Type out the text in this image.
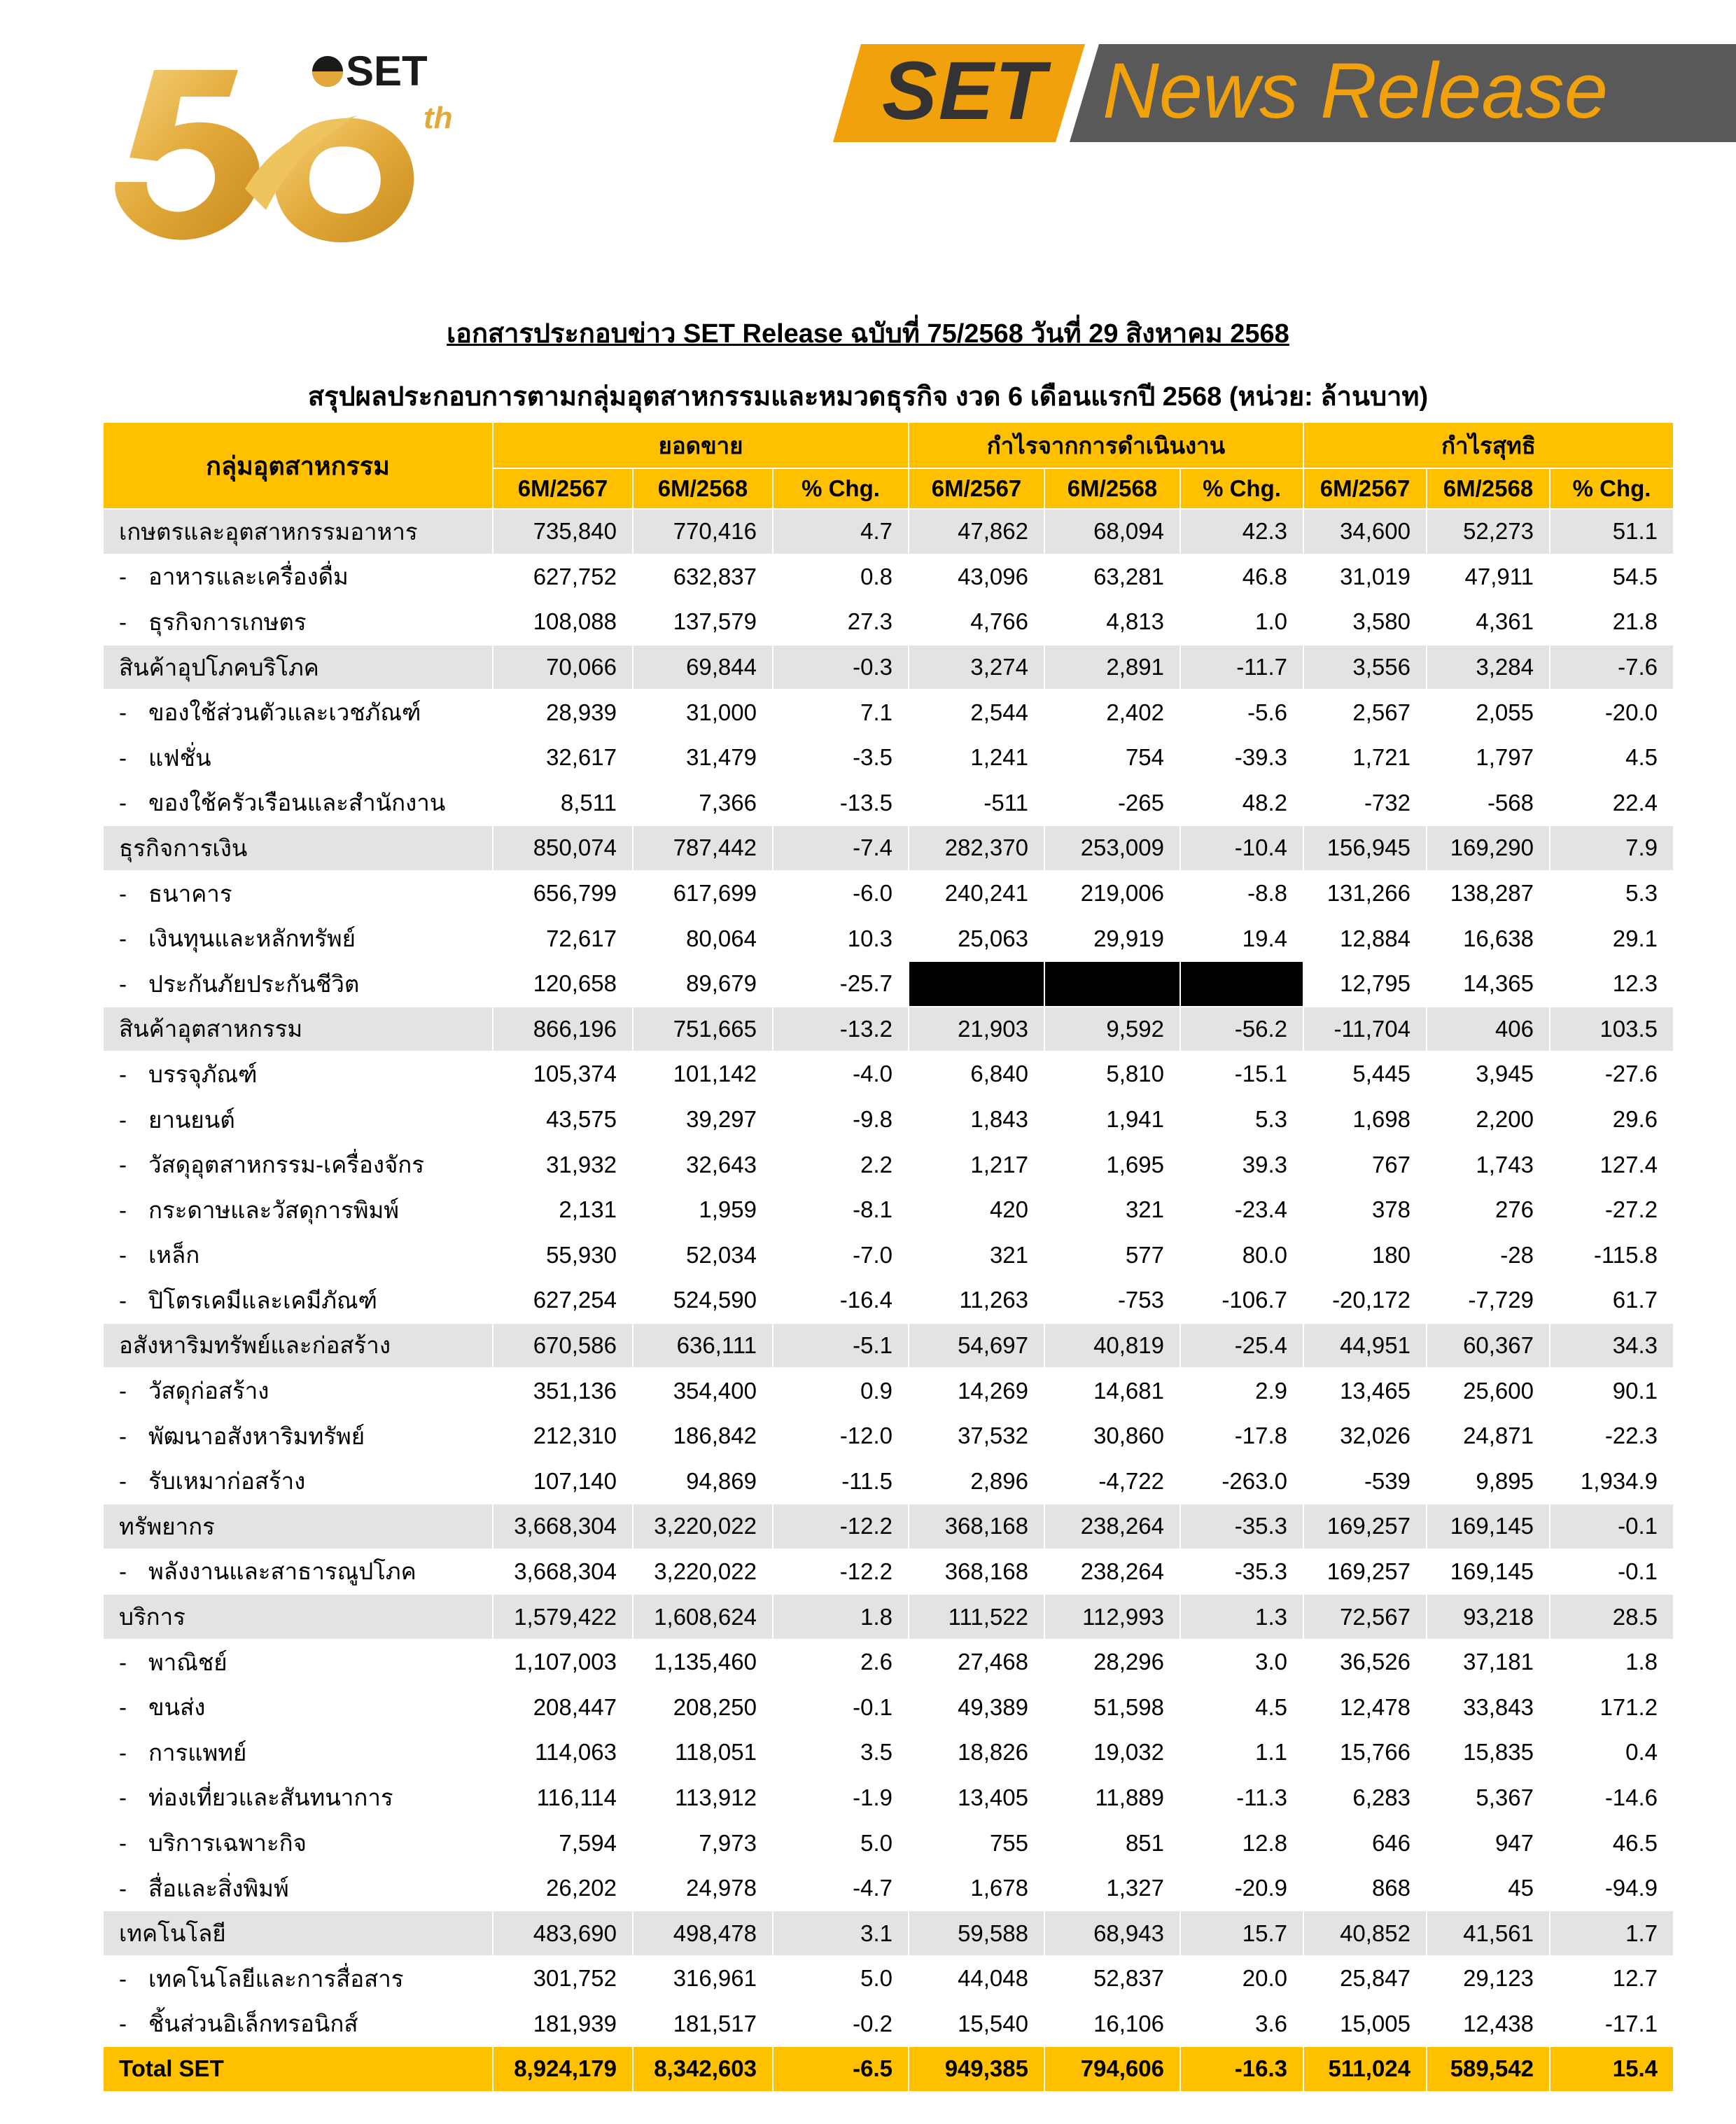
SET
th	SET News Release
เอกสารประกอบข่าว SET Release ฉบับที่ 75/2568 วันที่ 29 สิงหาคม 2568
สรุปผลประกอบการตามกลุ่มอุตสาหกรรมและหมวดธุรกิจ งวด 6 เดือนแรกปี 2568 (หน่วย: ล้านบาท)
กลุ่มอุตสาหกรรม	ยอดขาย			กำไรจากการดำเนินงาน			กำไรสุทธิ		
	6M/2567	6M/2568	% Chg.	6M/2567	6M/2568	% Chg.	6M/2567	6M/2568	% Chg.
เกษตรและอุตสาหกรรมอาหาร	735,840	770,416	4.7	47,862	68,094	42.3	34,600	52,273	51.1
- อาหารและเครื่องดื่ม	627,752	632,837	0.8	43,096	63,281	46.8	31,019	47,911	54.5
- ธุรกิจการเกษตร	108,088	137,579	27.3	4,766	4,813	1.0	3,580	4,361	21.8
สินค้าอุปโภคบริโภค	70,066	69,844	-0.3	3,274	2,891	-11.7	3,556	3,284	-7.6
- ของใช้ส่วนตัวและเวชภัณฑ์	28,939	31,000	7.1	2,544	2,402	-5.6	2,567	2,055	-20.0
- แฟชั่น	32,617	31,479	-3.5	1,241	754	-39.3	1,721	1,797	4.5
- ของใช้ครัวเรือนและสำนักงาน	8,511	7,366	-13.5	-511	-265	48.2	-732	-568	22.4
ธุรกิจการเงิน	850,074	787,442	-7.4	282,370	253,009	-10.4	156,945	169,290	7.9
- ธนาคาร	656,799	617,699	-6.0	240,241	219,006	-8.8	131,266	138,287	5.3
- เงินทุนและหลักทรัพย์	72,617	80,064	10.3	25,063	29,919	19.4	12,884	16,638	29.1
- ประกันภัยประกันชีวิต	120,658	89,679	-25.7				12,795	14,365	12.3
สินค้าอุตสาหกรรม	866,196	751,665	-13.2	21,903	9,592	-56.2	-11,704	406	103.5
- บรรจุภัณฑ์	105,374	101,142	-4.0	6,840	5,810	-15.1	5,445	3,945	-27.6
- ยานยนต์	43,575	39,297	-9.8	1,843	1,941	5.3	1,698	2,200	29.6
- วัสดุอุตสาหกรรม-เครื่องจักร	31,932	32,643	2.2	1,217	1,695	39.3	767	1,743	127.4
- กระดาษและวัสดุการพิมพ์	2,131	1,959	-8.1	420	321	-23.4	378	276	-27.2
- เหล็ก	55,930	52,034	-7.0	321	577	80.0	180	-28	-115.8
- ปิโตรเคมีและเคมีภัณฑ์	627,254	524,590	-16.4	11,263	-753	-106.7	-20,172	-7,729	61.7
อสังหาริมทรัพย์และก่อสร้าง	670,586	636,111	-5.1	54,697	40,819	-25.4	44,951	60,367	34.3
- วัสดุก่อสร้าง	351,136	354,400	0.9	14,269	14,681	2.9	13,465	25,600	90.1
- พัฒนาอสังหาริมทรัพย์	212,310	186,842	-12.0	37,532	30,860	-17.8	32,026	24,871	-22.3
- รับเหมาก่อสร้าง	107,140	94,869	-11.5	2,896	-4,722	-263.0	-539	9,895	1,934.9
ทรัพยากร	3,668,304	3,220,022	-12.2	368,168	238,264	-35.3	169,257	169,145	-0.1
- พลังงานและสาธารณูปโภค	3,668,304	3,220,022	-12.2	368,168	238,264	-35.3	169,257	169,145	-0.1
บริการ	1,579,422	1,608,624	1.8	111,522	112,993	1.3	72,567	93,218	28.5
- พาณิชย์	1,107,003	1,135,460	2.6	27,468	28,296	3.0	36,526	37,181	1.8
- ขนส่ง	208,447	208,250	-0.1	49,389	51,598	4.5	12,478	33,843	171.2
- การแพทย์	114,063	118,051	3.5	18,826	19,032	1.1	15,766	15,835	0.4
- ท่องเที่ยวและสันทนาการ	116,114	113,912	-1.9	13,405	11,889	-11.3	6,283	5,367	-14.6
- บริการเฉพาะกิจ	7,594	7,973	5.0	755	851	12.8	646	947	46.5
- สื่อและสิ่งพิมพ์	26,202	24,978	-4.7	1,678	1,327	-20.9	868	45	-94.9
เทคโนโลยี	483,690	498,478	3.1	59,588	68,943	15.7	40,852	41,561	1.7
- เทคโนโลยีและการสื่อสาร	301,752	316,961	5.0	44,048	52,837	20.0	25,847	29,123	12.7
- ชิ้นส่วนอิเล็กทรอนิกส์	181,939	181,517	-0.2	15,540	16,106	3.6	15,005	12,438	-17.1
Total SET	8,924,179	8,342,603	-6.5	949,385	794,606	-16.3	511,024	589,542	15.4
